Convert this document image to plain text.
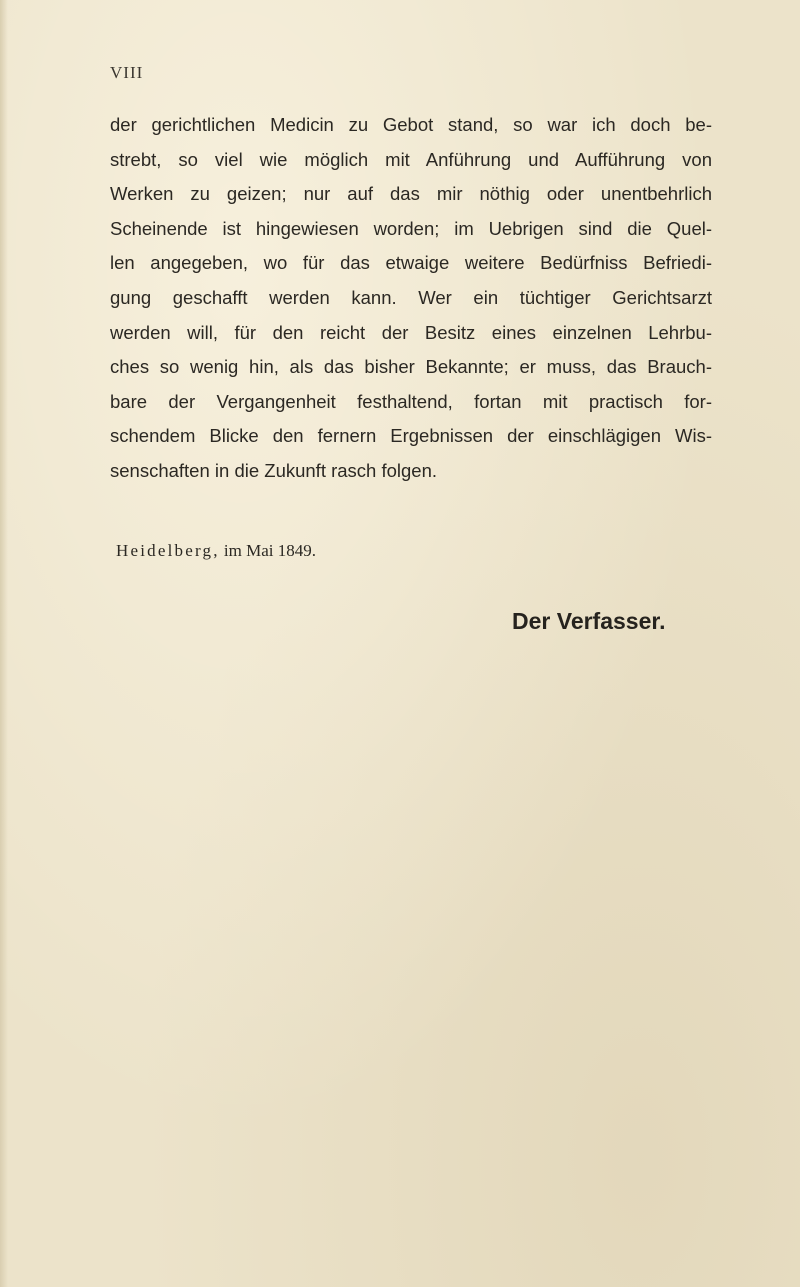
VIII
der gerichtlichen Medicin zu Gebot stand, so war ich doch be-
strebt, so viel wie möglich mit Anführung und Aufführung von
Werken zu geizen; nur auf das mir nöthig oder unentbehrlich
Scheinende ist hingewiesen worden; im Uebrigen sind die Quel-
len angegeben, wo für das etwaige weitere Bedürfniss Befriedi-
gung geschafft werden kann. Wer ein tüchtiger Gerichtsarzt
werden will, für den reicht der Besitz eines einzelnen Lehrbu-
ches so wenig hin, als das bisher Bekannte; er muss, das Brauch-
bare der Vergangenheit festhaltend, fortan mit practisch for-
schendem Blicke den fernern Ergebnissen der einschlägigen Wis-
senschaften in die Zukunft rasch folgen.
Heidelberg, im Mai 1849.
Der Verfasser.
